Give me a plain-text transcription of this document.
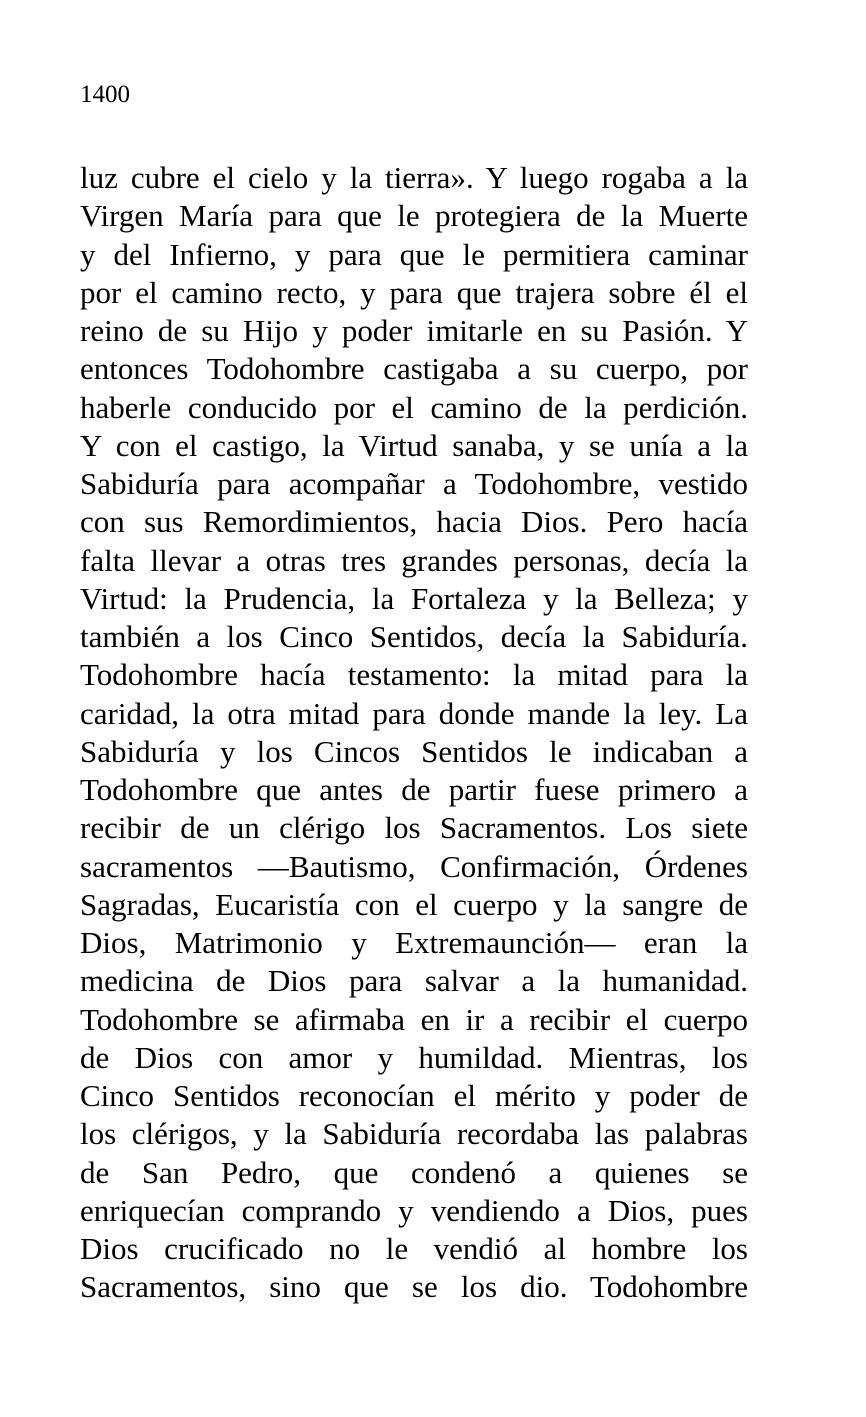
1400

luz cubre el cielo y la tierra». Y luego rogaba a la
Virgen María para que le protegiera de la Muerte
y del Infierno, y para que le permitiera caminar
por el camino recto, y para que trajera sobre él el
reino de su Hijo y poder imitarle en su Pasión. Y
entonces Todohombre castigaba a su cuerpo, por
haberle conducido por el camino de la perdición.
Y con el castigo, la Virtud sanaba, y se unía a la
Sabiduría para acompañar a Todohombre, vestido
con sus Remordimientos, hacia Dios. Pero hacía
falta llevar a otras tres grandes personas, decía la
Virtud: la Prudencia, la Fortaleza y la Belleza; y
también a los Cinco Sentidos, decía la Sabiduría.
Todohombre hacía testamento: la mitad para la
caridad, la otra mitad para donde mande la ley. La
Sabiduría y los Cincos Sentidos le indicaban a
Todohombre que antes de partir fuese primero a
recibir de un clérigo los Sacramentos. Los siete
sacramentos —Bautismo, Confirmación, Órdenes
Sagradas, Eucaristía con el cuerpo y la sangre de
Dios, Matrimonio y Extremaunción— eran la
medicina de Dios para salvar a la humanidad.
Todohombre se afirmaba en ir a recibir el cuerpo
de Dios con amor y humildad. Mientras, los
Cinco Sentidos reconocían el mérito y poder de
los clérigos, y la Sabiduría recordaba las palabras
de San Pedro, que condenó a quienes se
enriquecían comprando y vendiendo a Dios, pues
Dios crucificado no le vendió al hombre los
Sacramentos, sino que se los dio. Todohombre
